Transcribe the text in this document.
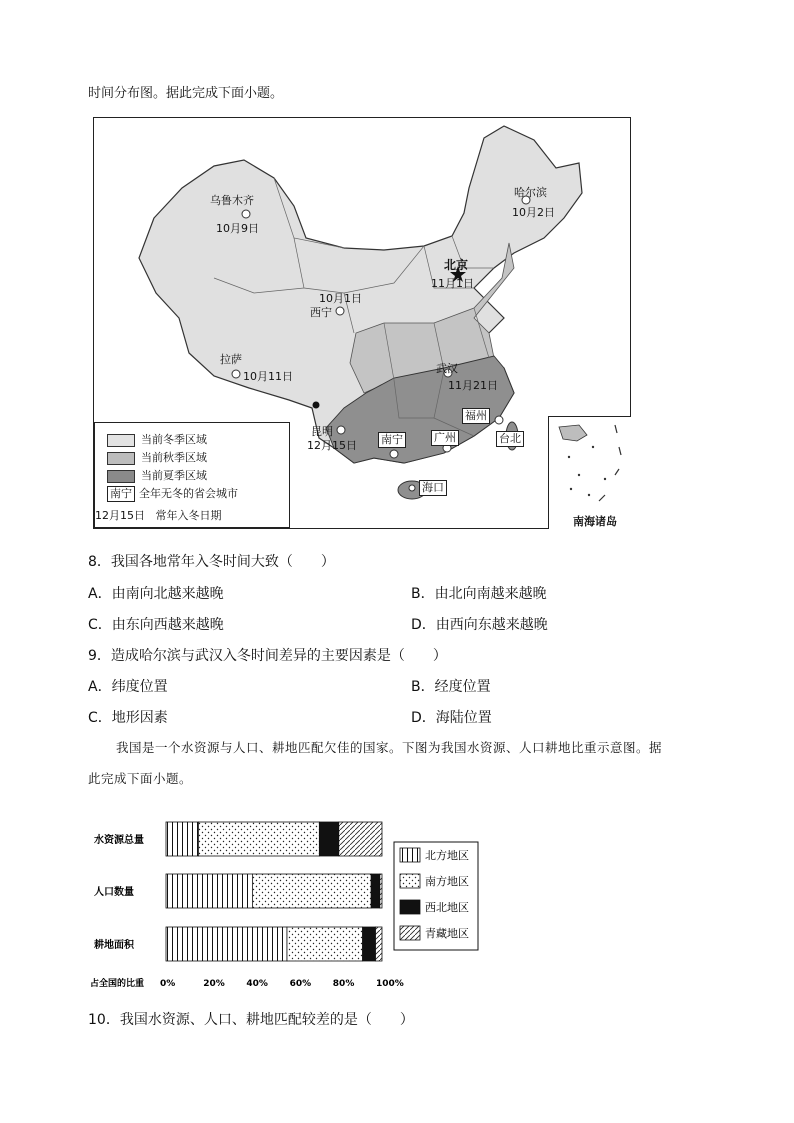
时间分布图。据此完成下面小题。
乌鲁木齐
10月9日
哈尔滨
10月2日
北京
11月1日
10月1日
西宁
拉萨
10月11日
武汉
11月21日
昆明
12月15日 南宁	广州
福州
台北
海口
当前冬季区域
当前秋季区域
当前夏季区域
南宁 全年无冬的省会城市
12月15日 常年入冬日期	南海诸岛
8．我国各地常年入冬时间大致（　　）
A．由南向北越来越晚	B．由北向南越来越晚
C．由东向西越来越晚	D．由西向东越来越晚
9．造成哈尔滨与武汉入冬时间差异的主要因素是（　　）
A．纬度位置	B．经度位置
C．地形因素	D．海陆位置
我国是一个水资源与人口、耕地匹配欠佳的国家。下图为我国水资源、人口耕地比重示意图。据
此完成下面小题。
水资源总量
人口数量
耕地面积
占全国的比重 0%	20% 40% 60% 80% 100%
北方地区
南方地区
西北地区
青藏地区
10．我国水资源、人口、耕地匹配较差的是（　　）
